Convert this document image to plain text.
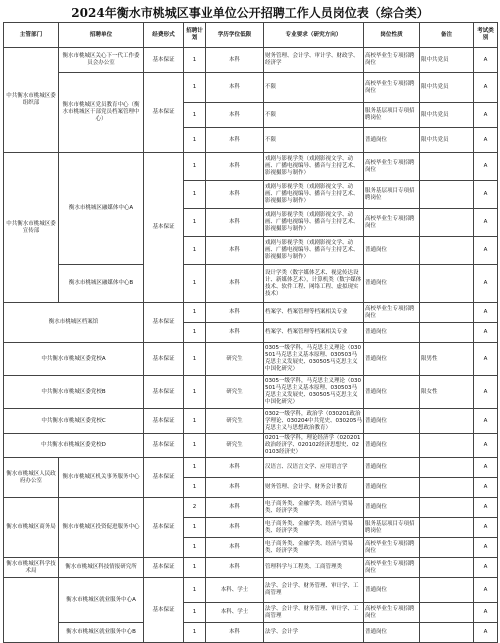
2024年衡水市桃城区事业单位公开招聘工作人员岗位表（综合类）
主管部门	招聘单位	经费形式	招聘计划	学历学位低限	专业要求（研究方向）	岗位性质	备注	考试类别
中共衡水市桃城区委组织部	衡水市桃城区关心下一代工作委员会办公室	基本保证	1	本科	财务管理、会计学、审计学、财政学、经济学	高校毕业生专项招聘岗位	限中共党员	A
	衡水市桃城区党员教育中心（衡水市桃城区干部党员档案管理中心）	基本保证	1	本科	不限	高校毕业生专项招聘岗位	限中共党员	A
			1	本科	不限	服务基层项目专项招聘岗位	限中共党员	A
			1	本科	不限	普通岗位	限中共党员	A
中共衡水市桃城区委宣传部	衡水市桃城区融媒体中心A	基本保证	1	本科	戏剧与影视学类（戏剧影视文学、动画、广播电视编导、播音与主持艺术、影视摄影与制作）	高校毕业生专项招聘岗位		A
			1	本科	戏剧与影视学类（戏剧影视文学、动画、广播电视编导、播音与主持艺术、影视摄影与制作）	服务基层项目专项招聘岗位		A
			1	本科	戏剧与影视学类（戏剧影视文学、动画、广播电视编导、播音与主持艺术、影视摄影与制作）	高校毕业生专项招聘岗位		A
			1	本科	戏剧与影视学类（戏剧影视文学、动画、广播电视编导、播音与主持艺术、影视摄影与制作）	普通岗位		A
	衡水市桃城区融媒体中心B		1	本科	设计学类（数字媒体艺术、视觉传达设计、新媒体艺术），计算机类（数字媒体技术、软件工程、网络工程、虚拟现实技术）	普通岗位		A
衡水市桃城区档案馆		基本保证	1	本科	档案学、档案管理等档案相关专业	高校毕业生专项招聘岗位		A
			1	本科	档案学、档案管理等档案相关专业	普通岗位		A
中共衡水市桃城区委党校A		基本保证	1	研究生	0305一级学科，马克思主义理论（030501马克思主义基本原理、030503马克思主义发展史、030505马克思主义中国化研究）	普通岗位	限男性	A
中共衡水市桃城区委党校B		基本保证	1	研究生	0305一级学科，马克思主义理论（030501马克思主义基本原理、030503马克思主义发展史、030505马克思主义中国化研究）	普通岗位	限女性	A
中共衡水市桃城区委党校C		基本保证	1	研究生	0302一级学科，政治学（030201政治学理论、030204中共党史、030205马克思主义与思想政治教育）	普通岗位		A
中共衡水市桃城区委党校D		基本保证	1	研究生	0201一级学科，理论经济学（020201政治经济学、020102经济思想史、020103经济史）	普通岗位		A
衡水市桃城区人民政府办公室	衡水市桃城区机关事务服务中心	基本保证	1	本科	汉语言、汉语言文学、应用语言学	普通岗位		A
			1	本科	财务管理、会计学、财务会计教育	普通岗位		A
衡水市桃城区商务局	衡水市桃城区投资促进服务中心	基本保证	2	本科	电子商务类、金融学类、经济与贸易类、经济学类	普通岗位		A
			1	本科	电子商务类、金融学类、经济与贸易类、经济学类	服务基层项目专项招聘岗位		A
			1	本科	电子商务类、金融学类、经济与贸易类、经济学类	高校毕业生专项招聘岗位		A
衡水市桃城区科学技术局	衡水市桃城区科技情报研究所	基本保证	1	本科	管理科学与工程类、工商管理类	高校毕业生专项招聘岗位		A
	衡水市桃城区就业服务中心A	基本保证	1	本科、学士	法学、会计学、财务管理、审计学、工商管理	普通岗位		A
			1	本科、学士	法学、会计学、财务管理、审计学、工商管理	高校毕业生专项招聘岗位		A
	衡水市桃城区就业服务中心B		1	本科	法学、会计学	普通岗位		A
